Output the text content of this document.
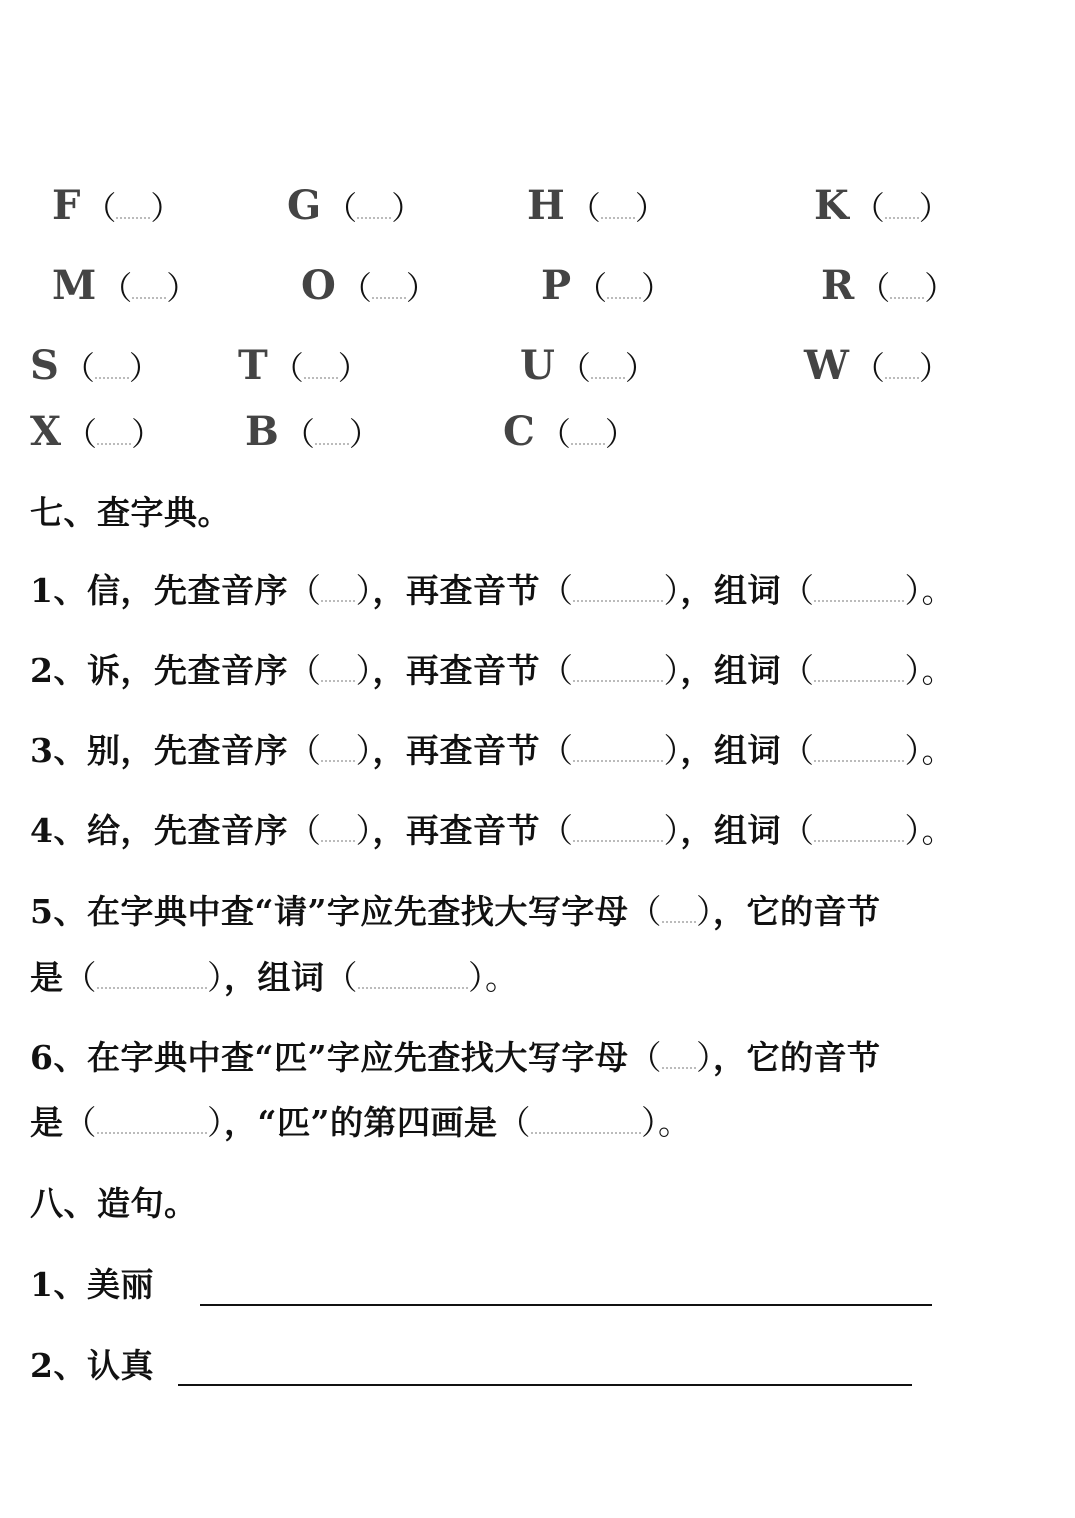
F （ ）	G （ ）	H （ ）	K （ ）
M （ ）	O （ ）	P （ ）	R （ ）
S （ ） T （ ）	U （ ）	W （ ）
X （ ） B （ ）	C （ ）
七、查字典。
1、信，先查音序（ ），再查音节（	），组词（	）。
2、诉，先查音序（ ），再查音节（	），组词（	）。
3、别，先查音序（ ），再查音节（	），组词（	）。
4、给，先查音序（ ），再查音节（	），组词（	）。
5、在字典中查“请”字应先查找大写字母（ ），它的音节
是（	），组词（	）。
6、在字典中查“匹”字应先查找大写字母（ ），它的音节
是（	），“匹”的第四画是（	）。
八、造句。
1、美丽
2、认真
